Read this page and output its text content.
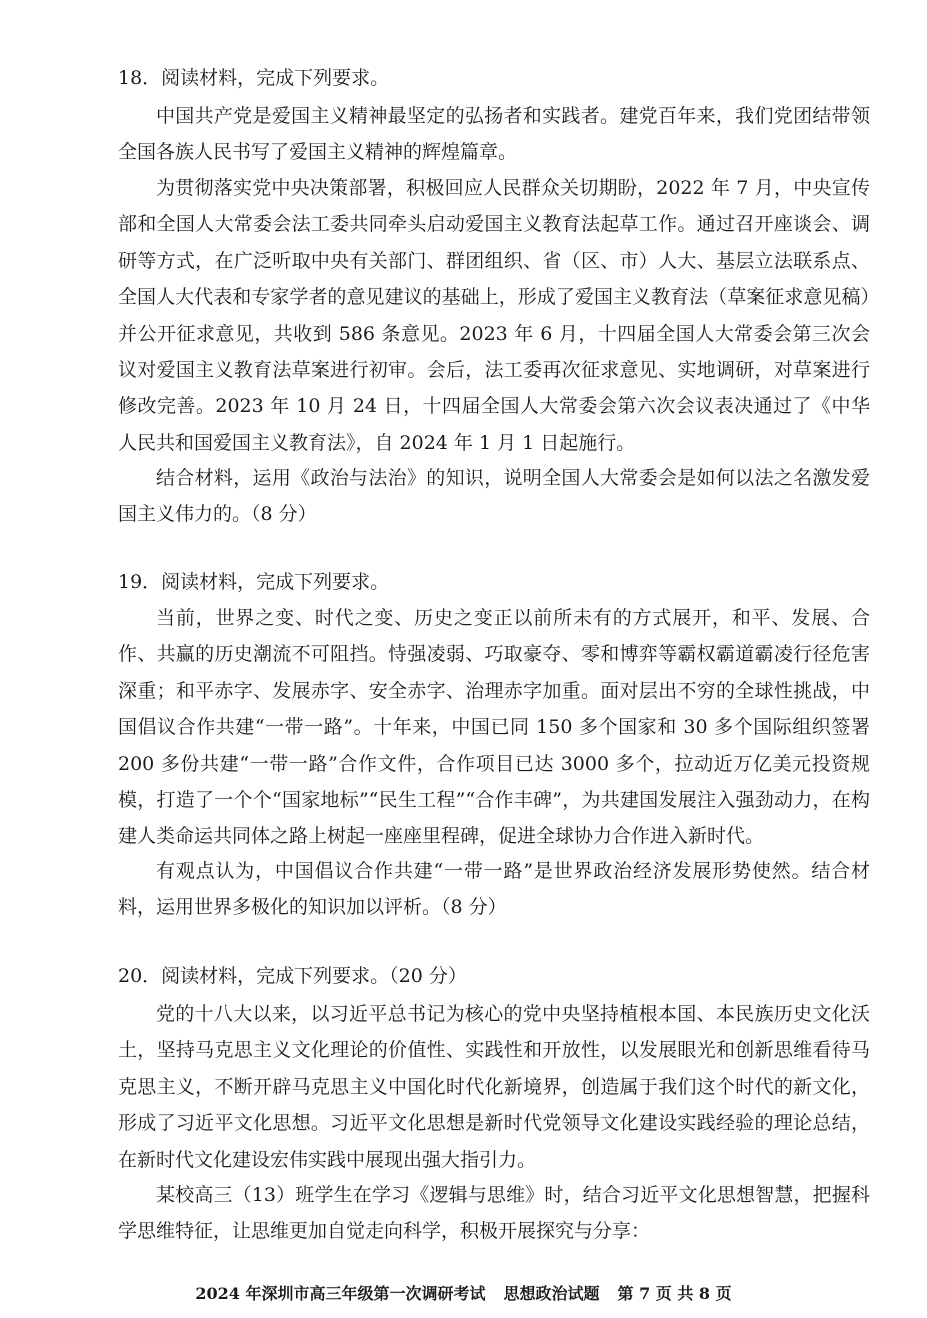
18．阅读材料，完成下列要求。
中国共产党是爱国主义精神最坚定的弘扬者和实践者。建党百年来，我们党团结带领全国各族人民书写了爱国主义精神的辉煌篇章。
为贯彻落实党中央决策部署，积极回应人民群众关切期盼，2022 年 7 月，中央宣传部和全国人大常委会法工委共同牵头启动爱国主义教育法起草工作。通过召开座谈会、调研等方式，在广泛听取中央有关部门、群团组织、省（区、市）人大、基层立法联系点、全国人大代表和专家学者的意见建议的基础上，形成了爱国主义教育法（草案征求意见稿）并公开征求意见，共收到 586 条意见。2023 年 6 月，十四届全国人大常委会第三次会议对爱国主义教育法草案进行初审。会后，法工委再次征求意见、实地调研，对草案进行修改完善。2023 年 10 月 24 日，十四届全国人大常委会第六次会议表决通过了《中华人民共和国爱国主义教育法》，自 2024 年 1 月 1 日起施行。
结合材料，运用《政治与法治》的知识，说明全国人大常委会是如何以法之名激发爱国主义伟力的。（8 分）
19．阅读材料，完成下列要求。
当前，世界之变、时代之变、历史之变正以前所未有的方式展开，和平、发展、合作、共赢的历史潮流不可阻挡。恃强凌弱、巧取豪夺、零和博弈等霸权霸道霸凌行径危害深重；和平赤字、发展赤字、安全赤字、治理赤字加重。面对层出不穷的全球性挑战，中国倡议合作共建“一带一路”。十年来，中国已同 150 多个国家和 30 多个国际组织签署 200 多份共建“一带一路”合作文件，合作项目已达 3000 多个，拉动近万亿美元投资规模，打造了一个个“国家地标”“民生工程”“合作丰碑”，为共建国发展注入强劲动力，在构建人类命运共同体之路上树起一座座里程碑，促进全球协力合作进入新时代。
有观点认为，中国倡议合作共建“一带一路”是世界政治经济发展形势使然。结合材料，运用世界多极化的知识加以评析。（8 分）
20．阅读材料，完成下列要求。（20 分）
党的十八大以来，以习近平总书记为核心的党中央坚持植根本国、本民族历史文化沃土，坚持马克思主义文化理论的价值性、实践性和开放性，以发展眼光和创新思维看待马克思主义，不断开辟马克思主义中国化时代化新境界，创造属于我们这个时代的新文化，形成了习近平文化思想。习近平文化思想是新时代党领导文化建设实践经验的理论总结，在新时代文化建设宏伟实践中展现出强大指引力。
某校高三（13）班学生在学习《逻辑与思维》时，结合习近平文化思想智慧，把握科学思维特征，让思维更加自觉走向科学，积极开展探究与分享：
2024 年深圳市高三年级第一次调研考试 思想政治试题 第 7 页 共 8 页
